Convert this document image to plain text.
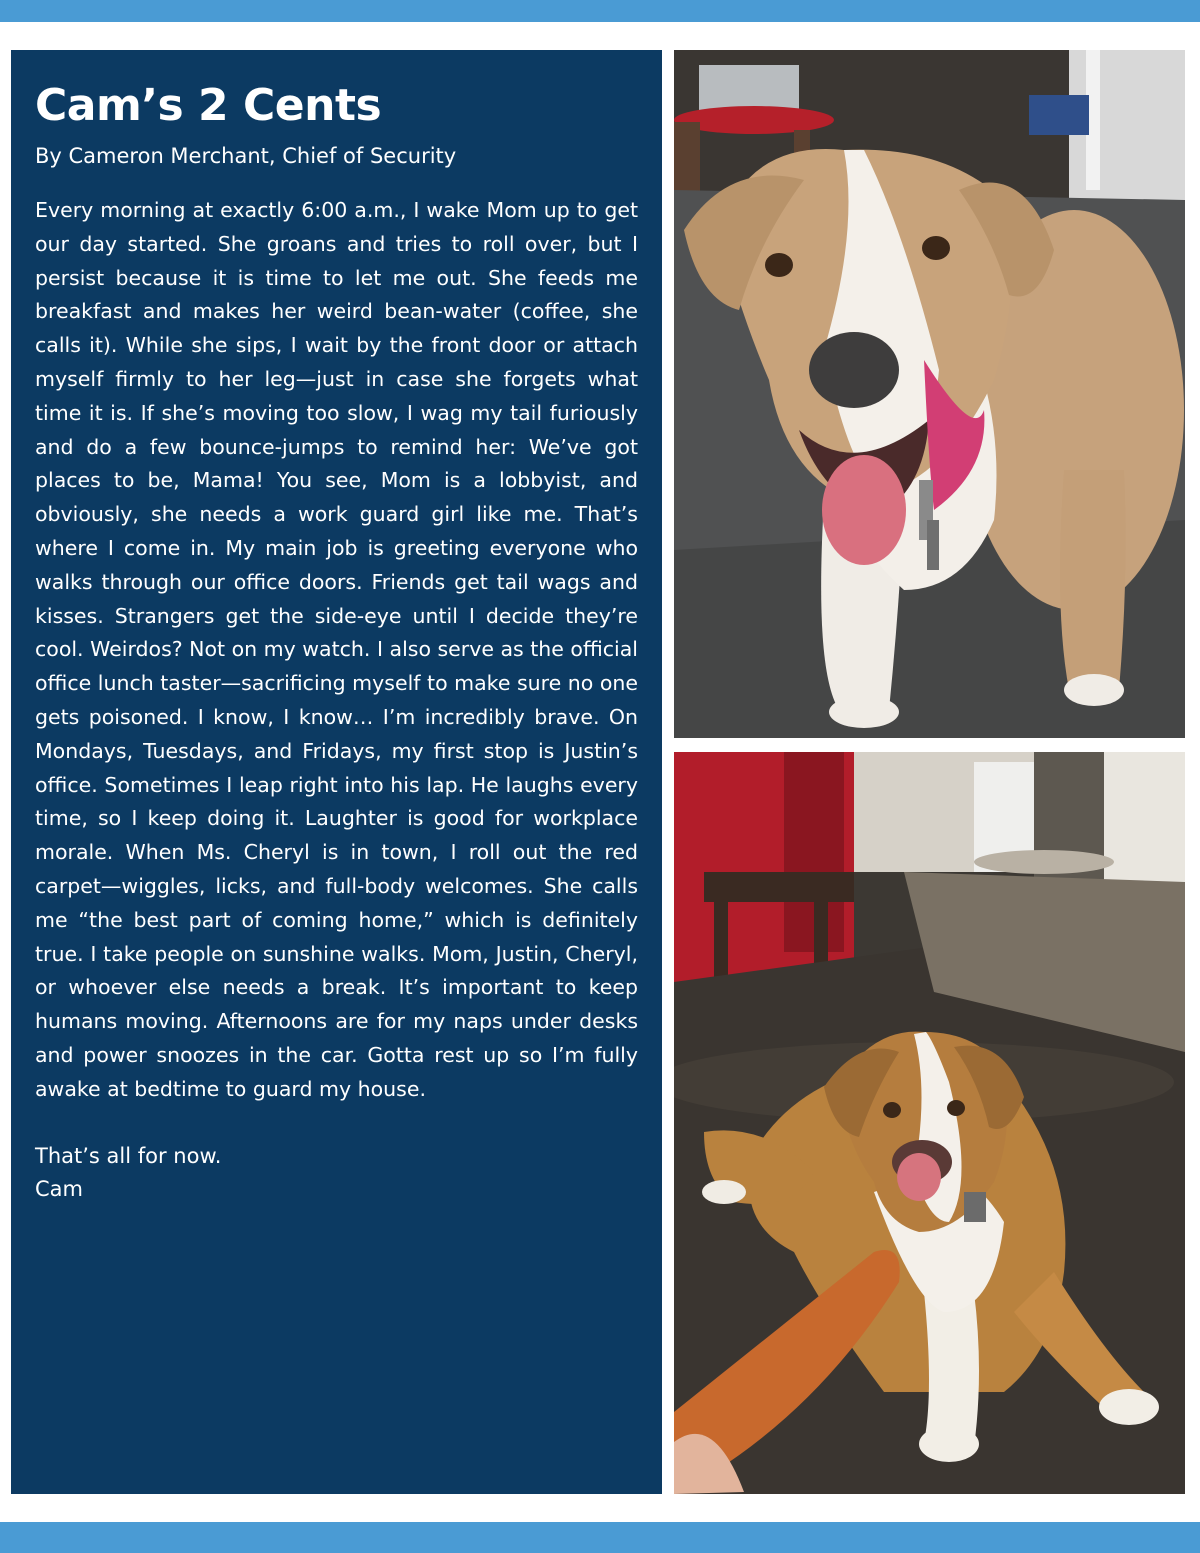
Cam’s 2 Cents

By Cameron Merchant, Chief of Security

Every morning at exactly 6:00 a.m., I wake Mom up to get our day started. She groans and tries to roll over, but I persist because it is time to let me out. She feeds me breakfast and makes her weird bean-water (coffee, she calls it). While she sips, I wait by the front door or attach myself firmly to her leg—just in case she forgets what time it is. If she’s moving too slow, I wag my tail furiously and do a few bounce-jumps to remind her: We’ve got places to be, Mama! You see, Mom is a lobbyist, and obviously, she needs a work guard girl like me. That’s where I come in. My main job is greeting everyone who walks through our office doors. Friends get tail wags and kisses. Strangers get the side-eye until I decide they’re cool. Weirdos? Not on my watch. I also serve as the official office lunch taster—sacrificing myself to make sure no one gets poisoned. I know, I know… I’m incredibly brave. On Mondays, Tuesdays, and Fridays, my first stop is Justin’s office. Sometimes I leap right into his lap. He laughs every time, so I keep doing it. Laughter is good for workplace morale. When Ms. Cheryl is in town, I roll out the red carpet—wiggles, licks, and full-body welcomes. She calls me “the best part of coming home,” which is definitely true. I take people on sunshine walks. Mom, Justin, Cheryl, or whoever else needs a break. It’s important to keep humans moving. Afternoons are for my naps under desks and power snoozes in the car. Gotta rest up so I’m fully awake at bedtime to guard my house.

That’s all for now.
Cam
